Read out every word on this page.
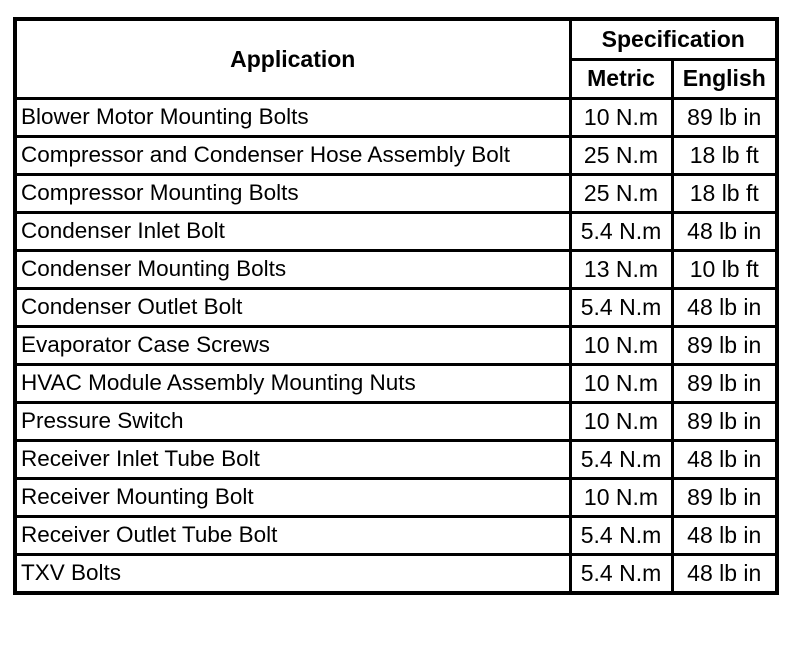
Application	Specification	
	Metric	English
Blower Motor Mounting Bolts	10 N.m	89 lb in
Compressor and Condenser Hose Assembly Bolt	25 N.m	18 lb ft
Compressor Mounting Bolts	25 N.m	18 lb ft
Condenser Inlet Bolt	5.4 N.m	48 lb in
Condenser Mounting Bolts	13 N.m	10 lb ft
Condenser Outlet Bolt	5.4 N.m	48 lb in
Evaporator Case Screws	10 N.m	89 lb in
HVAC Module Assembly Mounting Nuts	10 N.m	89 lb in
Pressure Switch	10 N.m	89 lb in
Receiver Inlet Tube Bolt	5.4 N.m	48 lb in
Receiver Mounting Bolt	10 N.m	89 lb in
Receiver Outlet Tube Bolt	5.4 N.m	48 lb in
TXV Bolts	5.4 N.m	48 lb in
